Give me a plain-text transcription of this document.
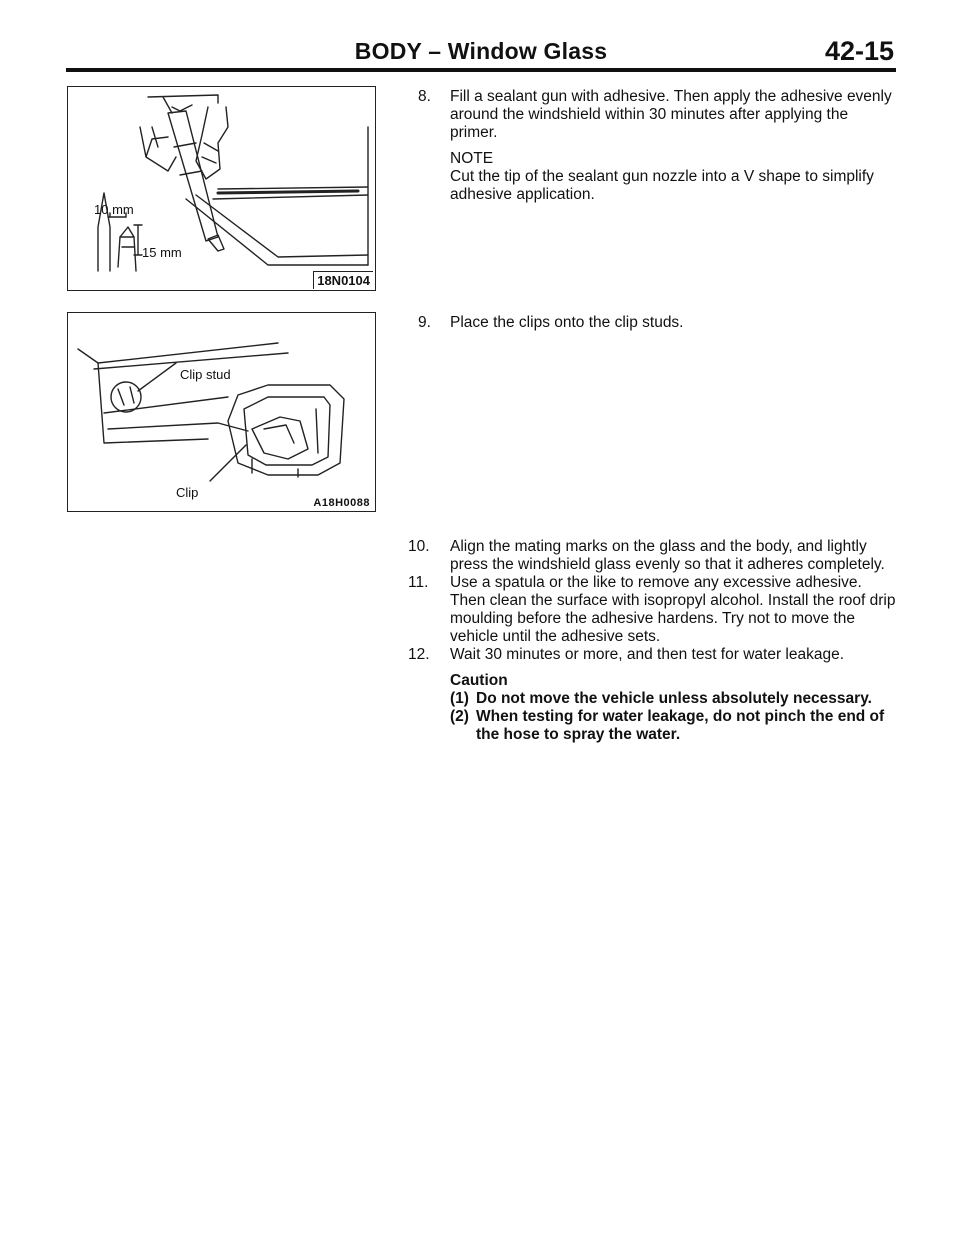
BODY – Window Glass	42-15
10 mm
15 mm
18N0104
Clip stud
Clip
A18H0088
8. Fill a sealant gun with adhesive. Then apply the adhesive evenly around the windshield within 30 minutes after applying the primer.
NOTE
Cut the tip of the sealant gun nozzle into a V shape to simplify adhesive application.
9. Place the clips onto the clip studs.
10. Align the mating marks on the glass and the body, and lightly press the windshield glass evenly so that it adheres completely.
11. Use a spatula or the like to remove any excessive adhesive. Then clean the surface with isopropyl alcohol. Install the roof drip moulding before the adhesive hardens. Try not to move the vehicle until the adhesive sets.
12. Wait 30 minutes or more, and then test for water leakage.
Caution
(1) Do not move the vehicle unless absolutely necessary.
(2) When testing for water leakage, do not pinch the end of the hose to spray the water.
